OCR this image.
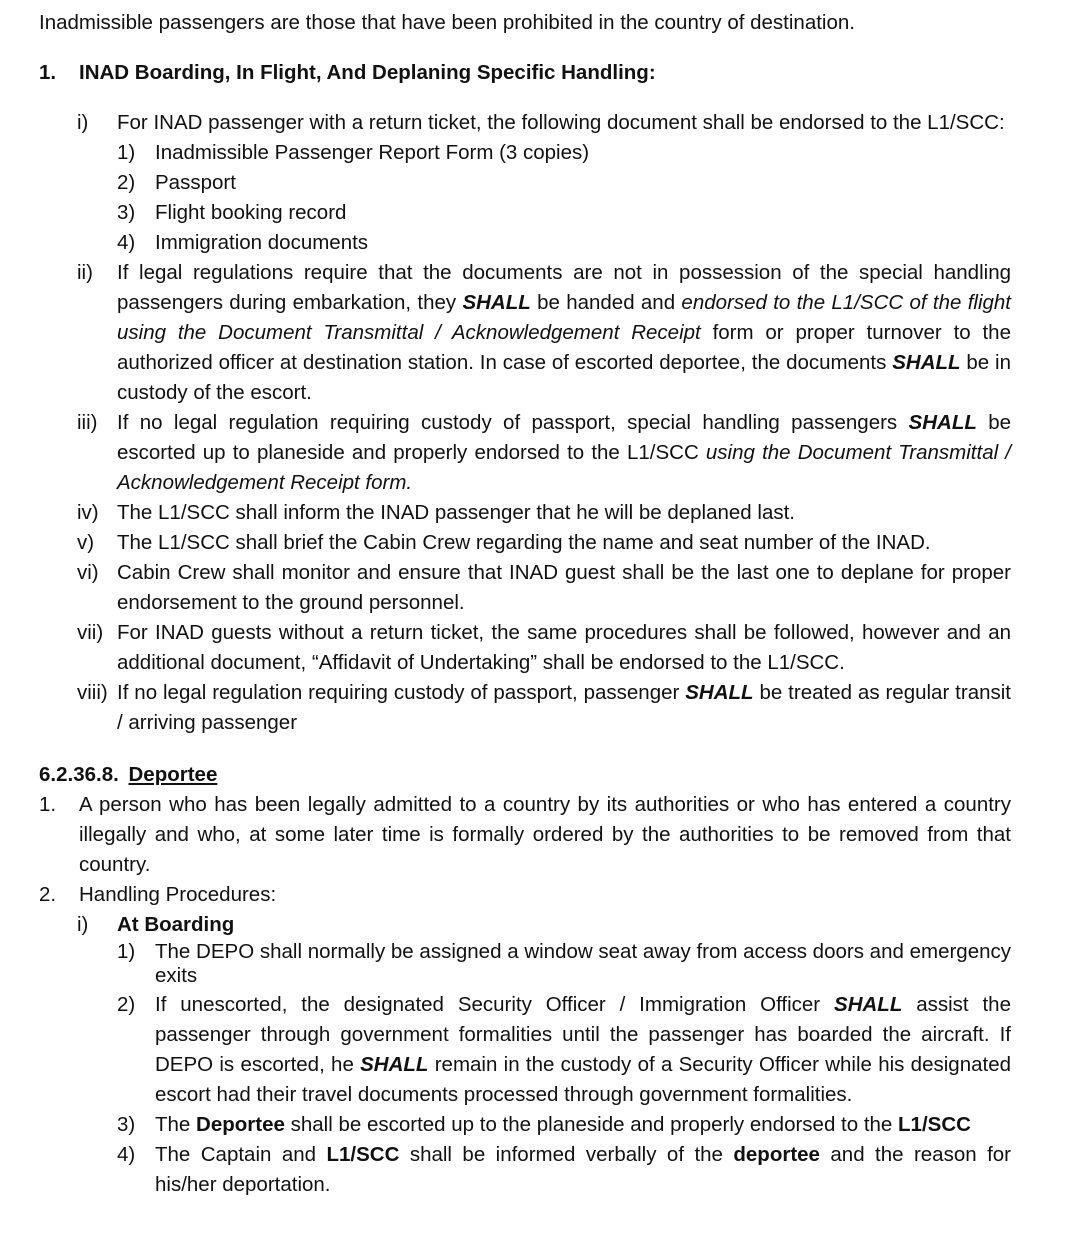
Inadmissible passengers are those that have been prohibited in the country of destination.
1.	INAD Boarding, In Flight, And Deplaning Specific Handling:
i)	For INAD passenger with a return ticket, the following document shall be endorsed to the L1/SCC:
1) Inadmissible Passenger Report Form (3 copies)
2) Passport
3) Flight booking record
4) Immigration documents
ii)	If legal regulations require that the documents are not in possession of the special handling passengers during embarkation, they SHALL be handed and endorsed to the L1/SCC of the flight using the Document Transmittal / Acknowledgement Receipt form or proper turnover to the authorized officer at destination station. In case of escorted deportee, the documents SHALL be in custody of the escort.
iii) If no legal regulation requiring custody of passport, special handling passengers SHALL be escorted up to planeside and properly endorsed to the L1/SCC using the Document Transmittal / Acknowledgement Receipt form.
iv) The L1/SCC shall inform the INAD passenger that he will be deplaned last.
v)	The L1/SCC shall brief the Cabin Crew regarding the name and seat number of the INAD.
vi) Cabin Crew shall monitor and ensure that INAD guest shall be the last one to deplane for proper endorsement to the ground personnel.
vii) For INAD guests without a return ticket, the same procedures shall be followed, however and an additional document, “Affidavit of Undertaking” shall be endorsed to the L1/SCC.
viii) If no legal regulation requiring custody of passport, passenger SHALL be treated as regular transit / arriving passenger
6.2.36.8. Deportee
1.	A person who has been legally admitted to a country by its authorities or who has entered a country illegally and who, at some later time is formally ordered by the authorities to be removed from that country.
2.	Handling Procedures:
i)	At Boarding
1) The DEPO shall normally be assigned a window seat away from access doors and emergency exits
2) If unescorted, the designated Security Officer / Immigration Officer SHALL assist the passenger through government formalities until the passenger has boarded the aircraft. If DEPO is escorted, he SHALL remain in the custody of a Security Officer while his designated escort had their travel documents processed through government formalities.
3) The Deportee shall be escorted up to the planeside and properly endorsed to the L1/SCC
4) The Captain and L1/SCC shall be informed verbally of the deportee and the reason for his/her deportation.
